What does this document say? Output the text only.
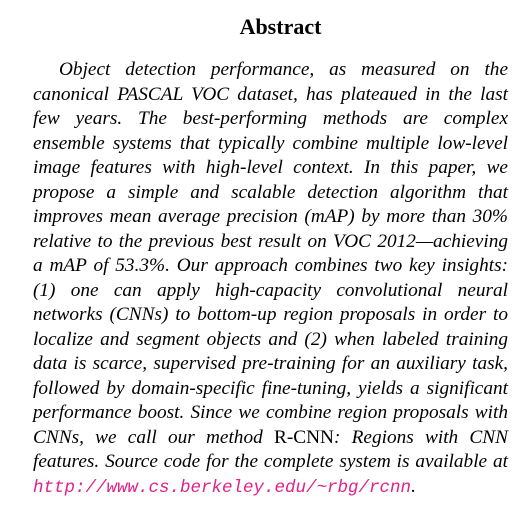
Abstract

Object detection performance, as measured on the canonical PASCAL VOC dataset, has plateaued in the last few years. The best-performing methods are complex ensemble systems that typically combine multiple low-level image features with high-level context. In this paper, we propose a simple and scalable detection algorithm that improves mean average precision (mAP) by more than 30% relative to the previous best result on VOC 2012—achieving a mAP of 53.3%. Our approach combines two key insights: (1) one can apply high-capacity convolutional neural networks (CNNs) to bottom-up region proposals in order to localize and segment objects and (2) when labeled training data is scarce, supervised pre-training for an auxiliary task, followed by domain-specific fine-tuning, yields a significant performance boost. Since we combine region proposals with CNNs, we call our method R-CNN: Regions with CNN features. Source code for the complete system is available at http://www.cs.berkeley.edu/~rbg/rcnn.
